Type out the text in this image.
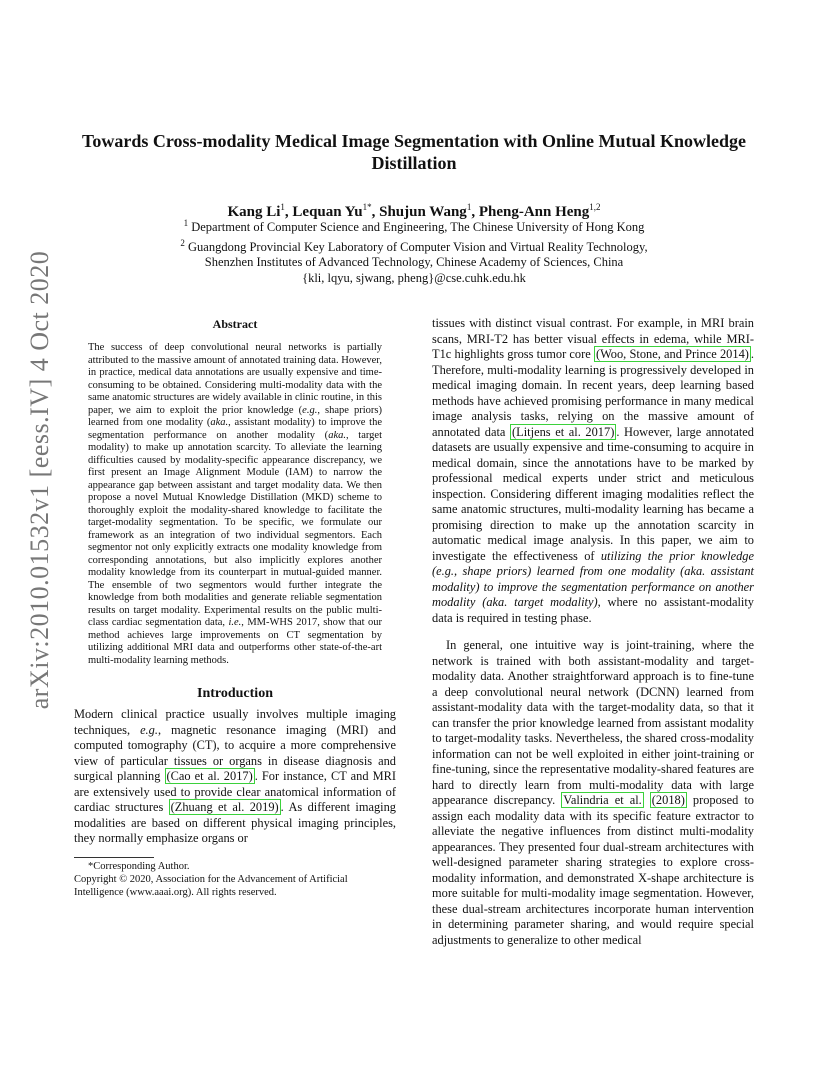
arXiv:2010.01532v1 [eess.IV] 4 Oct 2020
Towards Cross-modality Medical Image Segmentation with Online Mutual Knowledge Distillation
Kang Li$^1$, Lequan $Yu^{1*}$, Shujun Wang$^1$, Pheng-Ann Heng$^{1,2}$
$^1$ Department of Computer Science and Engineering, The Chinese University of Hong Kong
$^2$ Guangdong Provincial Key Laboratory of Computer Vision and Virtual Reality Technology,
Shenzhen Institutes of Advanced Technology, Chinese Academy of Sciences, China
{kli, lqyu, sjwang, pheng}@cse.cuhk.edu.hk
Abstract
The success of deep convolutional neural networks is partially attributed to the massive amount of annotated training data. However, in practice, medical data annotations are usually expensive and time-consuming to be obtained. Considering multi-modality data with the same anatomic structures are widely available in clinic routine, in this paper, we aim to exploit the prior knowledge (e.g., shape priors) learned from one modality (aka., assistant modality) to improve the segmentation performance on another modality (aka., target modality) to make up annotation scarcity. To alleviate the learning difficulties caused by modality-specific appearance discrepancy, we first present an Image Alignment Module (IAM) to narrow the appearance gap between assistant and target modality data. We then propose a novel Mutual Knowledge Distillation (MKD) scheme to thoroughly exploit the modality-shared knowledge to facilitate the target-modality segmentation. To be specific, we formulate our framework as an integration of two individual segmentors. Each segmentor not only explicitly extracts one modality knowledge from corresponding annotations, but also implicitly explores another modality knowledge from its counterpart in mutual-guided manner. The ensemble of two segmentors would further integrate the knowledge from both modalities and generate reliable segmentation results on target modality. Experimental results on the public multi-class cardiac segmentation data, i.e., MM-WHS 2017, show that our method achieves large improvements on CT segmentation by utilizing additional MRI data and outperforms other state-of-the-art multi-modality learning methods.
Introduction

Modern clinical practice usually involves multiple imaging techniques, e.g., magnetic resonance imaging (MRI) and computed tomography (CT), to acquire a more comprehensive view of particular tissues or organs in disease diagnosis and surgical planning (Cao et al. 2017) . For instance, CT and MRI are extensively used to provide clear anatomical information of cardiac structures (Zhuang et al. 2019) . As different imaging modalities are based on different physical imaging principles, they normally emphasize organs or

*Corresponding Author.

Copyright © 2020, Association for the Advancement of Artificial Intelligence (www.aaai.org). All rights reserved.

tissues with distinct visual contrast. For example, in MRI brain scans, MRI-T2 has better visual effects in edema, while MRI-T1c highlights gross tumor core (Woo, Stone, and Prince 2014) . Therefore, multi-modality learning is progressively developed in medical imaging domain. In recent years, deep learning based methods have achieved promising performance in many medical image analysis tasks, relying on the massive amount of annotated data (Litjens et al. 2017) . However, large annotated datasets are usually expensive and time-consuming to acquire in medical domain, since the annotations have to be marked by professional medical experts under strict and meticulous inspection. Considering different imaging modalities reflect the same anatomic structures, multi-modality learning has became a promising direction to make up the annotation scarcity in automatic medical image analysis. In this paper, we aim to investigate the effectiveness of utilizing the prior knowledge (e.g., shape priors) learned from one modality (aka. assistant modality) to improve the segmentation performance on another modality (aka. target modality), where no assistant-modality data is required in testing phase.

In general, one intuitive way is joint-training, where the network is trained with both assistant-modality and target-modality data. Another straightforward approach is to fine-tune a deep convolutional neural network (DCNN) learned from assistant-modality data with the target-modality data, so that it can transfer the prior knowledge learned from assistant modality to target-modality tasks. Nevertheless, the shared cross-modality information can not be well exploited in either joint-training or fine-tuning, since the representative modality-shared features are hard to directly learn from multi-modality data with large appearance discrepancy. Valindria et al. (2018) proposed to assign each modality data with its specific feature extractor to alleviate the negative influences from distinct multi-modality appearances. They presented four dual-stream architectures with well-designed parameter sharing strategies to explore cross-modality information, and demonstrated X-shape architecture is more suitable for multi-modality image segmentation. However, these dual-stream architectures incorporate human intervention in determining parameter sharing, and would require special adjustments to generalize to other medical
